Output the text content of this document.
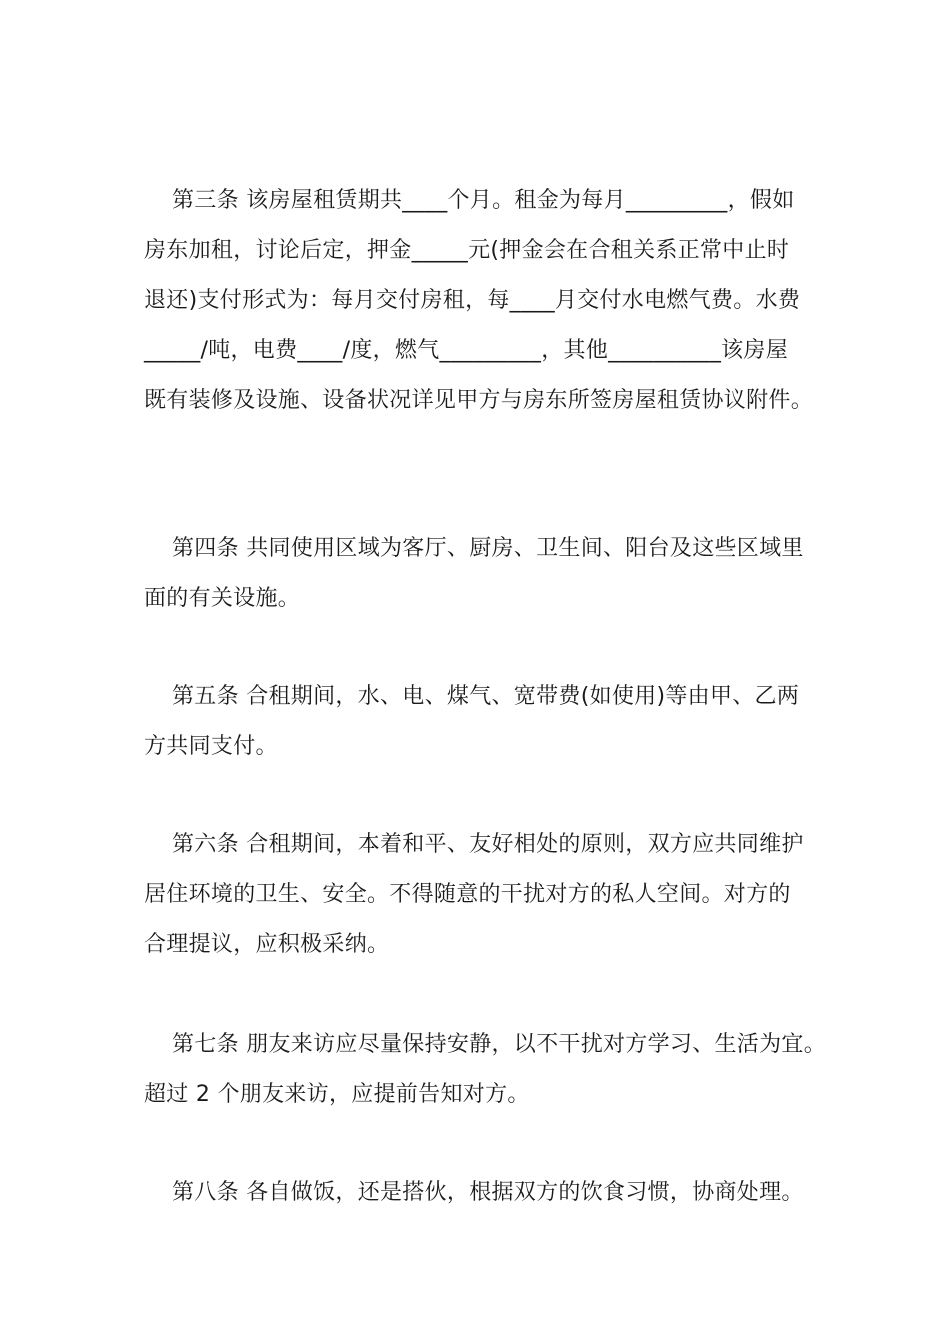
第三条 该房屋租赁期共____个月。租金为每月_________，假如
房东加租，讨论后定，押金_____元(押金会在合租关系正常中止时
退还)支付形式为：每月交付房租，每____月交付水电燃气费。水费
_____/吨，电费____/度，燃气_________，其他__________该房屋
既有装修及设施、设备状况详见甲方与房东所签房屋租赁协议附件。
第四条 共同使用区域为客厅、厨房、卫生间、阳台及这些区域里
面的有关设施。
第五条 合租期间，水、电、煤气、宽带费(如使用)等由甲、乙两
方共同支付。
第六条 合租期间，本着和平、友好相处的原则，双方应共同维护
居住环境的卫生、安全。不得随意的干扰对方的私人空间。对方的
合理提议，应积极采纳。
第七条 朋友来访应尽量保持安静，以不干扰对方学习、生活为宜。
超过 2 个朋友来访，应提前告知对方。
第八条 各自做饭，还是搭伙，根据双方的饮食习惯，协商处理。
